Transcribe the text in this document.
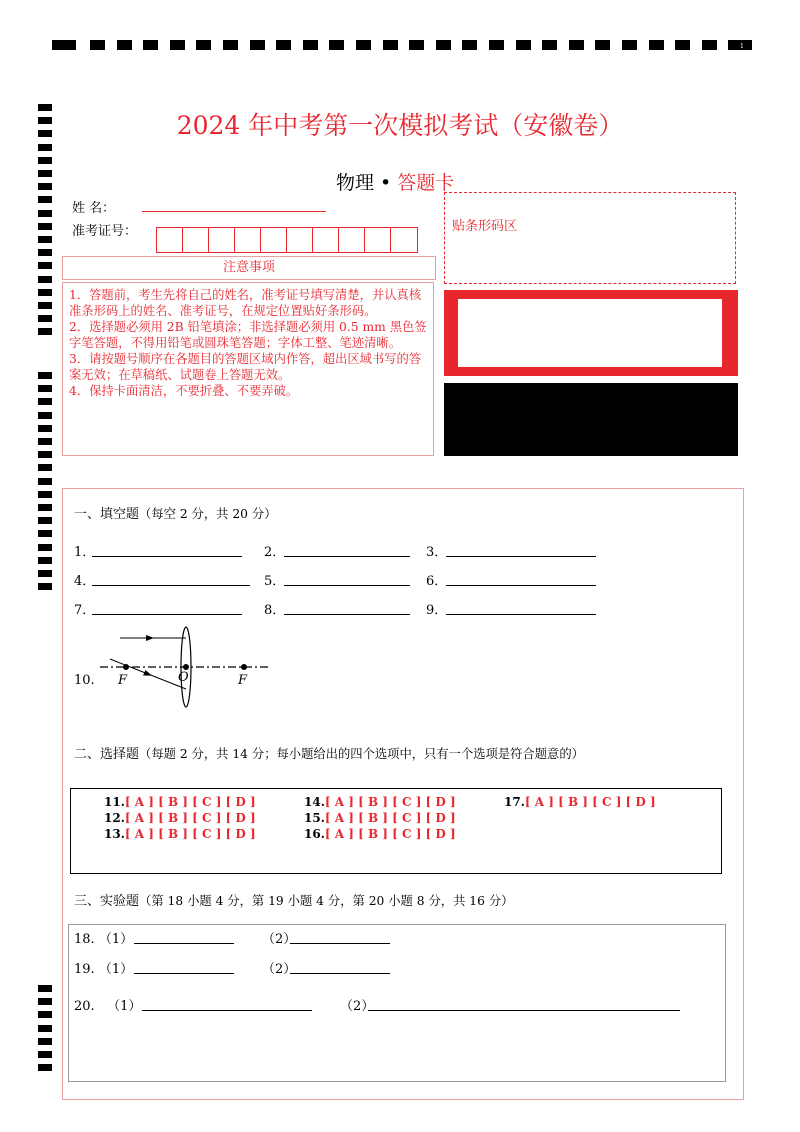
1
2024 年中考第一次模拟考试（安徽卷）
物理 • 答题卡
姓 名：
准考证号：
注意事项

1．答题前，考生先将自己的姓名，准考证号填写清楚，并认真核准条形码上的姓名、准考证号，在规定位置贴好条形码。

2．选择题必须用 2B 铅笔填涂；非选择题必须用 0.5 mm 黑色签字笔答题，不得用铅笔或圆珠笔答题；字体工整、笔迹清晰。

3．请按题号顺序在各题目的答题区域内作答，超出区域书写的答案无效；在草稿纸、试题卷上答题无效。

4．保持卡面清洁，不要折叠、不要弄破。

贴条形码区
一、填空题（每空 2 分，共 20 分）
1．	2．	3．
4．	5．	6．
7．	8．	9．
10. F	O	F
二、选择题（每题 2 分，共 14 分；每小题给出的四个选项中，只有一个选项是符合题意的）
11.[ A ] [ B ] [ C ] [ D ]
12.[ A ] [ B ] [ C ] [ D ]
13.[ A ] [ B ] [ C ] [ D ]
14.[ A ] [ B ] [ C ] [ D ]
15.[ A ] [ B ] [ C ] [ D ]
16.[ A ] [ B ] [ C ] [ D ]
17.[ A ] [ B ] [ C ] [ D ]
三、实验题（第 18 小题 4 分，第 19 小题 4 分，第 20 小题 8 分，共 16 分）
18. （1）	（2）
19. （1）	（2）
20. （1）	（2）
